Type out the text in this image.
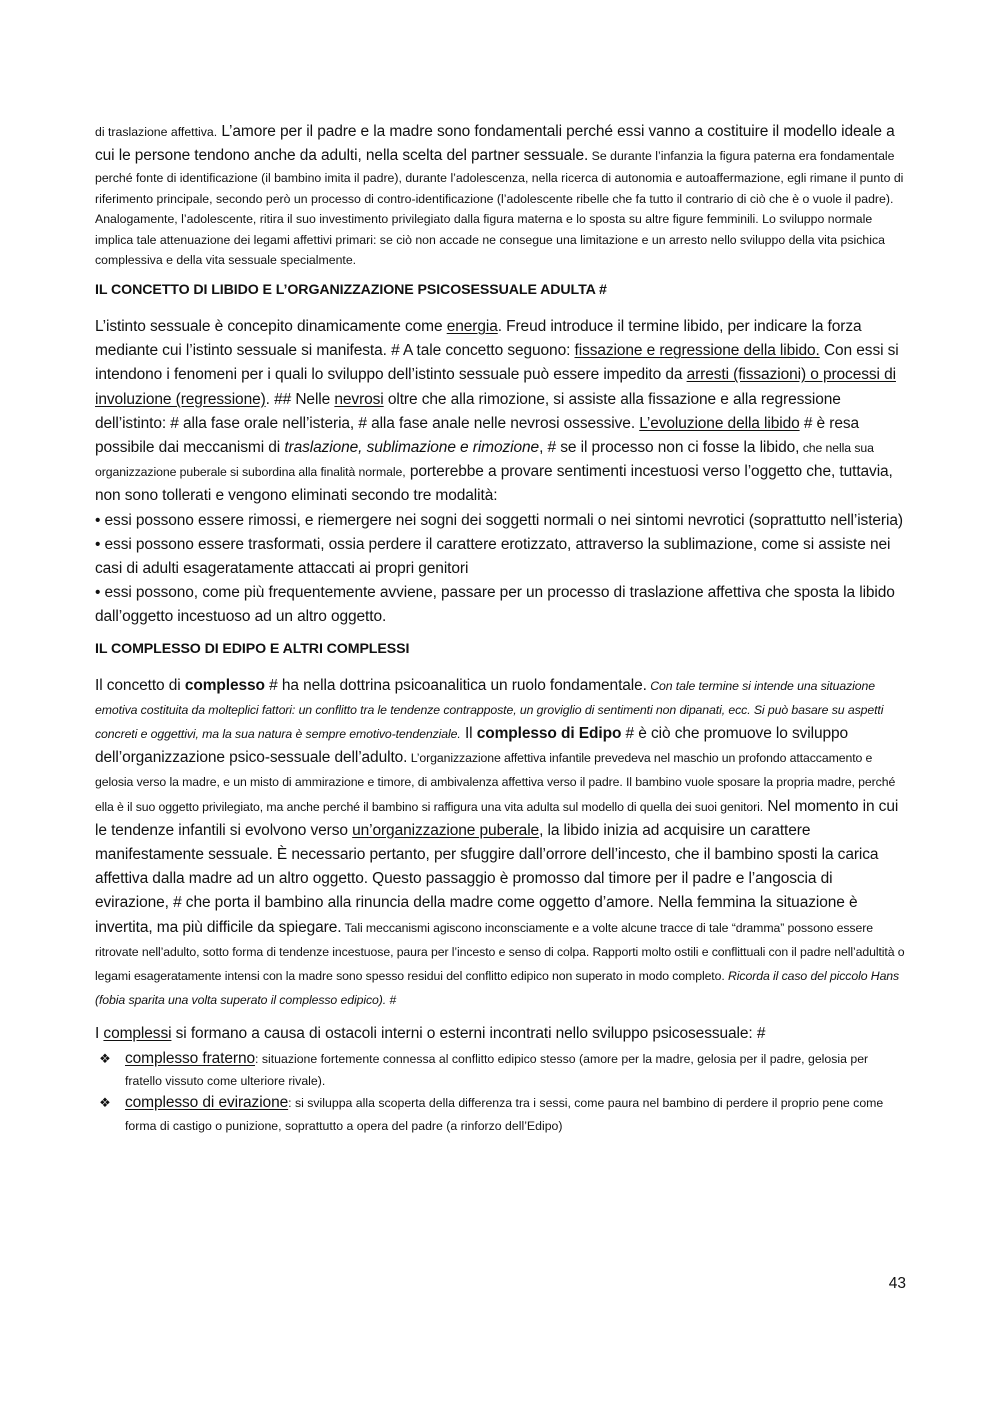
di traslazione affettiva. L’amore per il padre e la madre sono fondamentali perché essi vanno a costituire il modello ideale a cui le persone tendono anche da adulti, nella scelta del partner sessuale. Se durante l’infanzia la figura paterna era fondamentale perché fonte di identificazione (il bambino imita il padre), durante l’adolescenza, nella ricerca di autonomia e autoaffermazione, egli rimane il punto di riferimento principale, secondo però un processo di contro-identificazione (l’adolescente ribelle che fa tutto il contrario di ciò che è o vuole il padre). Analogamente, l’adolescente, ritira il suo investimento privilegiato dalla figura materna e lo sposta su altre figure femminili. Lo sviluppo normale implica tale attenuazione dei legami affettivi primari: se ciò non accade ne consegue una limitazione e un arresto nello sviluppo della vita psichica complessiva e della vita sessuale specialmente.

IL CONCETTO DI LIBIDO E L’ORGANIZZAZIONE PSICOSESSUALE ADULTA #

L’istinto sessuale è concepito dinamicamente come energia. Freud introduce il termine libido, per indicare la forza mediante cui l’istinto sessuale si manifesta. # A tale concetto seguono: fissazione e regressione della libido. Con essi si intendono i fenomeni per i quali lo sviluppo dell’istinto sessuale può essere impedito da arresti (fissazioni) o processi di involuzione (regressione). ## Nelle nevrosi oltre che alla rimozione, si assiste alla fissazione e alla regressione dell’istinto: # alla fase orale nell’isteria, # alla fase anale nelle nevrosi ossessive. L’evoluzione della libido # è resa possibile dai meccanismi di traslazione, sublimazione e rimozione, # se il processo non ci fosse la libido, che nella sua organizzazione puberale si subordina alla finalità normale, porterebbe a provare sentimenti incestuosi verso l’oggetto che, tuttavia, non sono tollerati e vengono eliminati secondo tre modalità:
• essi possono essere rimossi, e riemergere nei sogni dei soggetti normali o nei sintomi nevrotici (soprattutto nell’isteria)
• essi possono essere trasformati, ossia perdere il carattere erotizzato, attraverso la sublimazione, come si assiste nei casi di adulti esageratamente attaccati ai propri genitori
• essi possono, come più frequentemente avviene, passare per un processo di traslazione affettiva che sposta la libido dall’oggetto incestuoso ad un altro oggetto.

IL COMPLESSO DI EDIPO E ALTRI COMPLESSI

Il concetto di complesso # ha nella dottrina psicoanalitica un ruolo fondamentale. Con tale termine si intende una situazione emotiva costituita da molteplici fattori: un conflitto tra le tendenze contrapposte, un groviglio di sentimenti non dipanati, ecc. Si può basare su aspetti concreti e oggettivi, ma la sua natura è sempre emotivo-tendenziale. Il complesso di Edipo # è ciò che promuove lo sviluppo dell’organizzazione psico-sessuale dell’adulto. L’organizzazione affettiva infantile prevedeva nel maschio un profondo attaccamento e gelosia verso la madre, e un misto di ammirazione e timore, di ambivalenza affettiva verso il padre. Il bambino vuole sposare la propria madre, perché ella è il suo oggetto privilegiato, ma anche perché il bambino si raffigura una vita adulta sul modello di quella dei suoi genitori. Nel momento in cui le tendenze infantili si evolvono verso un’organizzazione puberale, la libido inizia ad acquisire un carattere manifestamente sessuale. È necessario pertanto, per sfuggire dall’orrore dell’incesto, che il bambino sposti la carica affettiva dalla madre ad un altro oggetto. Questo passaggio è promosso dal timore per il padre e l’angoscia di evirazione, # che porta il bambino alla rinuncia della madre come oggetto d’amore. Nella femmina la situazione è invertita, ma più difficile da spiegare. Tali meccanismi agiscono inconsciamente e a volte alcune tracce di tale “dramma” possono essere ritrovate nell’adulto, sotto forma di tendenze incestuose, paura per l’incesto e senso di colpa. Rapporti molto ostili e conflittuali con il padre nell’adultità o legami esageratamente intensi con la madre sono spesso residui del conflitto edipico non superato in modo completo. Ricorda il caso del piccolo Hans (fobia sparita una volta superato il complesso edipico). #

I complessi si formano a causa di ostacoli interni o esterni incontrati nello sviluppo psicosessuale: #

❖ complesso fraterno: situazione fortemente connessa al conflitto edipico stesso (amore per la madre, gelosia per il padre, gelosia per fratello vissuto come ulteriore rivale).
❖ complesso di evirazione: si sviluppa alla scoperta della differenza tra i sessi, come paura nel bambino di perdere il proprio pene come forma di castigo o punizione, soprattutto a opera del padre (a rinforzo dell’Edipo)
43
